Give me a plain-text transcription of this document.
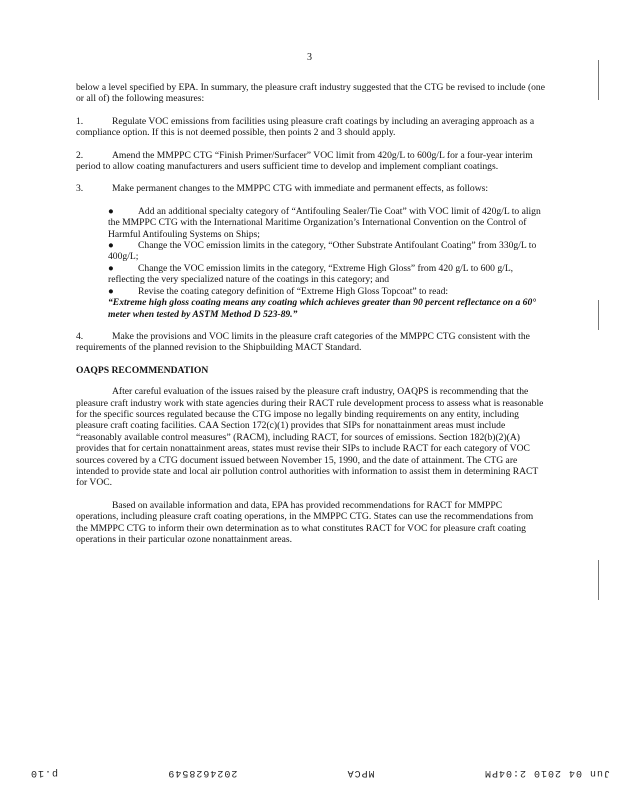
3

below a level specified by EPA. In summary, the pleasure craft industry suggested that the CTG be revised to include (one or all of) the following measures:

1.	Regulate VOC emissions from facilities using pleasure craft coatings by including an averaging approach as a compliance option. If this is not deemed possible, then points 2 and 3 should apply.

2.	Amend the MMPPC CTG “Finish Primer/Surfacer” VOC limit from 420g/L to 600g/L for a four-year interim period to allow coating manufacturers and users sufficient time to develop and implement compliant coatings.

3.	Make permanent changes to the MMPPC CTG with immediate and permanent effects, as follows:

●	Add an additional specialty category of “Antifouling Sealer/Tie Coat” with VOC limit of 420g/L to align the MMPPC CTG with the International Maritime Organization’s International Convention on the Control of Harmful Antifouling Systems on Ships;

●	Change the VOC emission limits in the category, “Other Substrate Antifoulant Coating” from 330g/L to 400g/L;

●	Change the VOC emission limits in the category, “Extreme High Gloss” from 420 g/L to 600 g/L, reflecting the very specialized nature of the coatings in this category; and

●	Revise the coating category definition of “Extreme High Gloss Topcoat” to read:
“Extreme high gloss coating means any coating which achieves greater than 90 percent reflectance on a 60° meter when tested by ASTM Method D 523-89.”

4.	Make the provisions and VOC limits in the pleasure craft categories of the MMPPC CTG consistent with the requirements of the planned revision to the Shipbuilding MACT Standard.

OAQPS RECOMMENDATION

After careful evaluation of the issues raised by the pleasure craft industry, OAQPS is recommending that the pleasure craft industry work with state agencies during their RACT rule development process to assess what is reasonable for the specific sources regulated because the CTG impose no legally binding requirements on any entity, including pleasure craft coating facilities. CAA Section 172(c)(1) provides that SIPs for nonattainment areas must include “reasonably available control measures” (RACM), including RACT, for sources of emissions. Section 182(b)(2)(A) provides that for certain nonattainment areas, states must revise their SIPs to include RACT for each category of VOC sources covered by a CTG document issued between November 15, 1990, and the date of attainment. The CTG are intended to provide state and local air pollution control authorities with information to assist them in determining RACT for VOC.

Based on available information and data, EPA has provided recommendations for RACT for MMPPC operations, including pleasure craft coating operations, in the MMPPC CTG. States can use the recommendations from the MMPPC CTG to inform their own determination as to what constitutes RACT for VOC for pleasure craft coating operations in their particular ozone nonattainment areas.

Jun 04 2010 2:04PM
MPCA
2024628549
p.10
